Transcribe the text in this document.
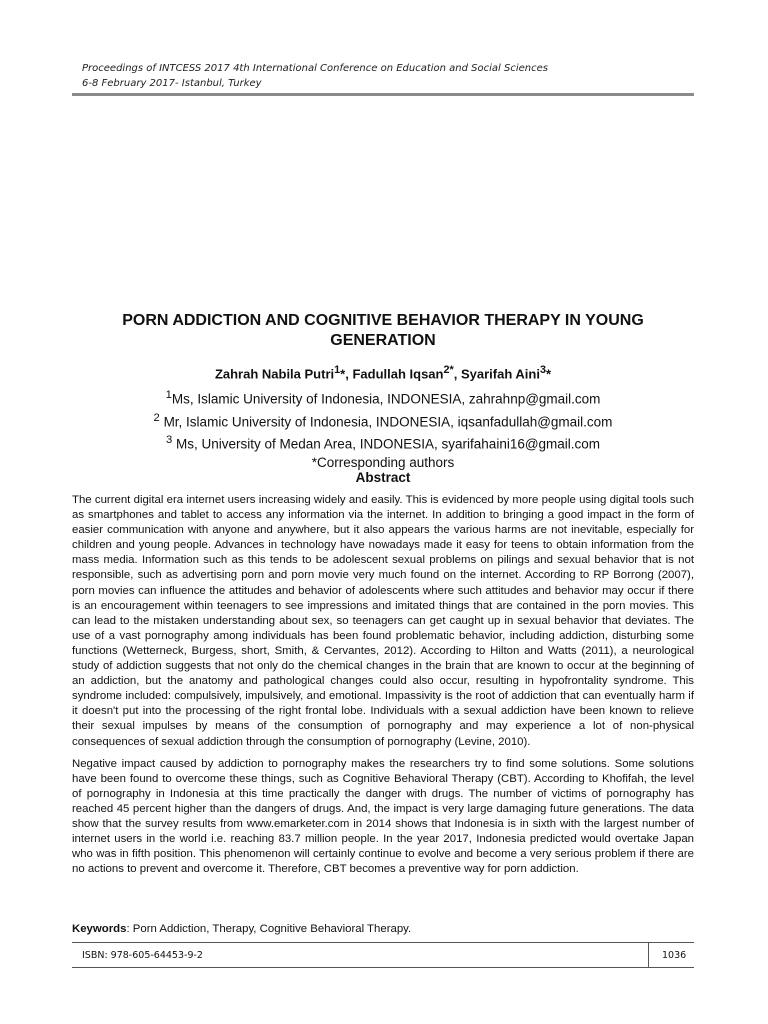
Proceedings of INTCESS 2017 4th International Conference on Education and Social Sciences
6-8 February 2017- Istanbul, Turkey
PORN ADDICTION AND COGNITIVE BEHAVIOR THERAPY IN YOUNG GENERATION
Zahrah Nabila Putri$^1$*, Fadullah Iqsan$^{2*}$, Syarifah Aini$^3$*
$^1$Ms, Islamic University of Indonesia, INDONESIA, zahrahnp@gmail.com
$^2$ Mr, Islamic University of Indonesia, INDONESIA, iqsanfadullah@gmail.com
$^3$ Ms, University of Medan Area, INDONESIA, syarifahaini16@gmail.com
*Corresponding authors
Abstract

The current digital era internet users increasing widely and easily. This is evidenced by more people using digital tools such as smartphones and tablet to access any information via the internet. In addition to bringing a good impact in the form of easier communication with anyone and anywhere, but it also appears the various harms are not inevitable, especially for children and young people. Advances in technology have nowadays made it easy for teens to obtain information from the mass media. Information such as this tends to be adolescent sexual problems on pilings and sexual behavior that is not responsible, such as advertising porn and porn movie very much found on the internet. According to RP Borrong (2007), porn movies can influence the attitudes and behavior of adolescents where such attitudes and behavior may occur if there is an encouragement within teenagers to see impressions and imitated things that are contained in the porn movies. This can lead to the mistaken understanding about sex, so teenagers can get caught up in sexual behavior that deviates. The use of a vast pornography among individuals has been found problematic behavior, including addiction, disturbing some functions (Wetterneck, Burgess, short, Smith, & Cervantes, 2012). According to Hilton and Watts (2011), a neurological study of addiction suggests that not only do the chemical changes in the brain that are known to occur at the beginning of an addiction, but the anatomy and pathological changes could also occur, resulting in hypofrontality syndrome. This syndrome included: compulsively, impulsively, and emotional. Impassivity is the root of addiction that can eventually harm if it doesn't put into the processing of the right frontal lobe. Individuals with a sexual addiction have been known to relieve their sexual impulses by means of the consumption of pornography and may experience a lot of non-physical consequences of sexual addiction through the consumption of pornography (Levine, 2010).

Negative impact caused by addiction to pornography makes the researchers try to find some solutions. Some solutions have been found to overcome these things, such as Cognitive Behavioral Therapy (CBT). According to Khofifah, the level of pornography in Indonesia at this time practically the danger with drugs. The number of victims of pornography has reached 45 percent higher than the dangers of drugs. And, the impact is very large damaging future generations. The data show that the survey results from www.emarketer.com in 2014 shows that Indonesia is in sixth with the largest number of internet users in the world i.e. reaching 83.7 million people. In the year 2017, Indonesia predicted would overtake Japan who was in fifth position. This phenomenon will certainly continue to evolve and become a very serious problem if there are no actions to prevent and overcome it. Therefore, CBT becomes a preventive way for porn addiction.

Keywords: Porn Addiction, Therapy, Cognitive Behavioral Therapy.
ISBN: 978-605-64453-9-2	1036
